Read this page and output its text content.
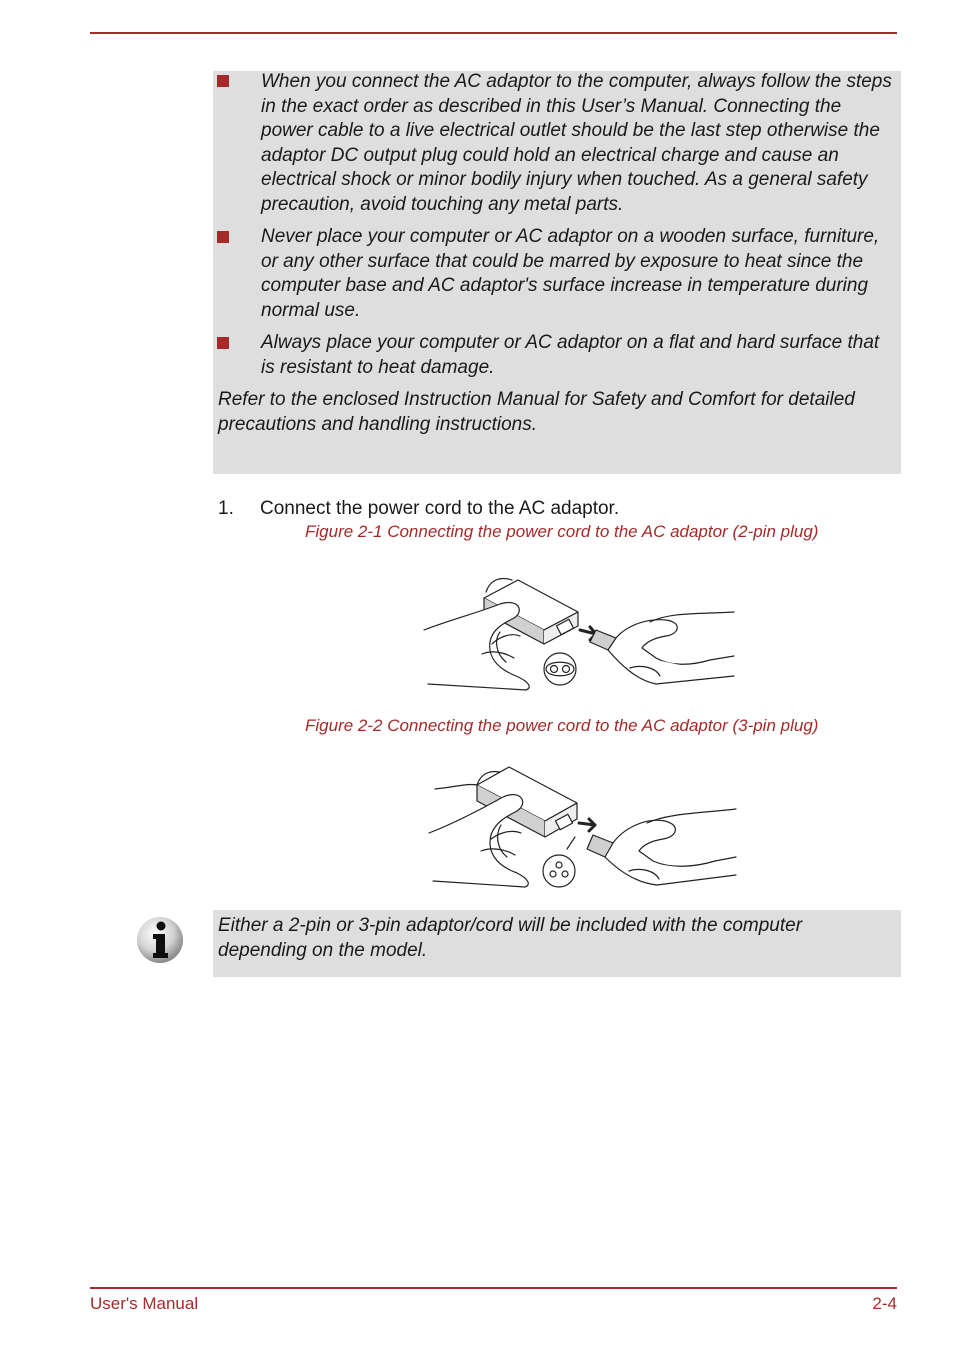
When you connect the AC adaptor to the computer, always follow the steps in the exact order as described in this User’s Manual. Connecting the power cable to a live electrical outlet should be the last step otherwise the adaptor DC output plug could hold an electrical charge and cause an electrical shock or minor bodily injury when touched. As a general safety precaution, avoid touching any metal parts.
Never place your computer or AC adaptor on a wooden surface, furniture, or any other surface that could be marred by exposure to heat since the computer base and AC adaptor's surface increase in temperature during normal use.
Always place your computer or AC adaptor on a flat and hard surface that is resistant to heat damage.
Refer to the enclosed Instruction Manual for Safety and Comfort for detailed precautions and handling instructions.
1. Connect the power cord to the AC adaptor.
Figure 2-1 Connecting the power cord to the AC adaptor (2-pin plug)
Figure 2-2 Connecting the power cord to the AC adaptor (3-pin plug)
Either a 2-pin or 3-pin adaptor/cord will be included with the computer depending on the model.
User's Manual	2-4
